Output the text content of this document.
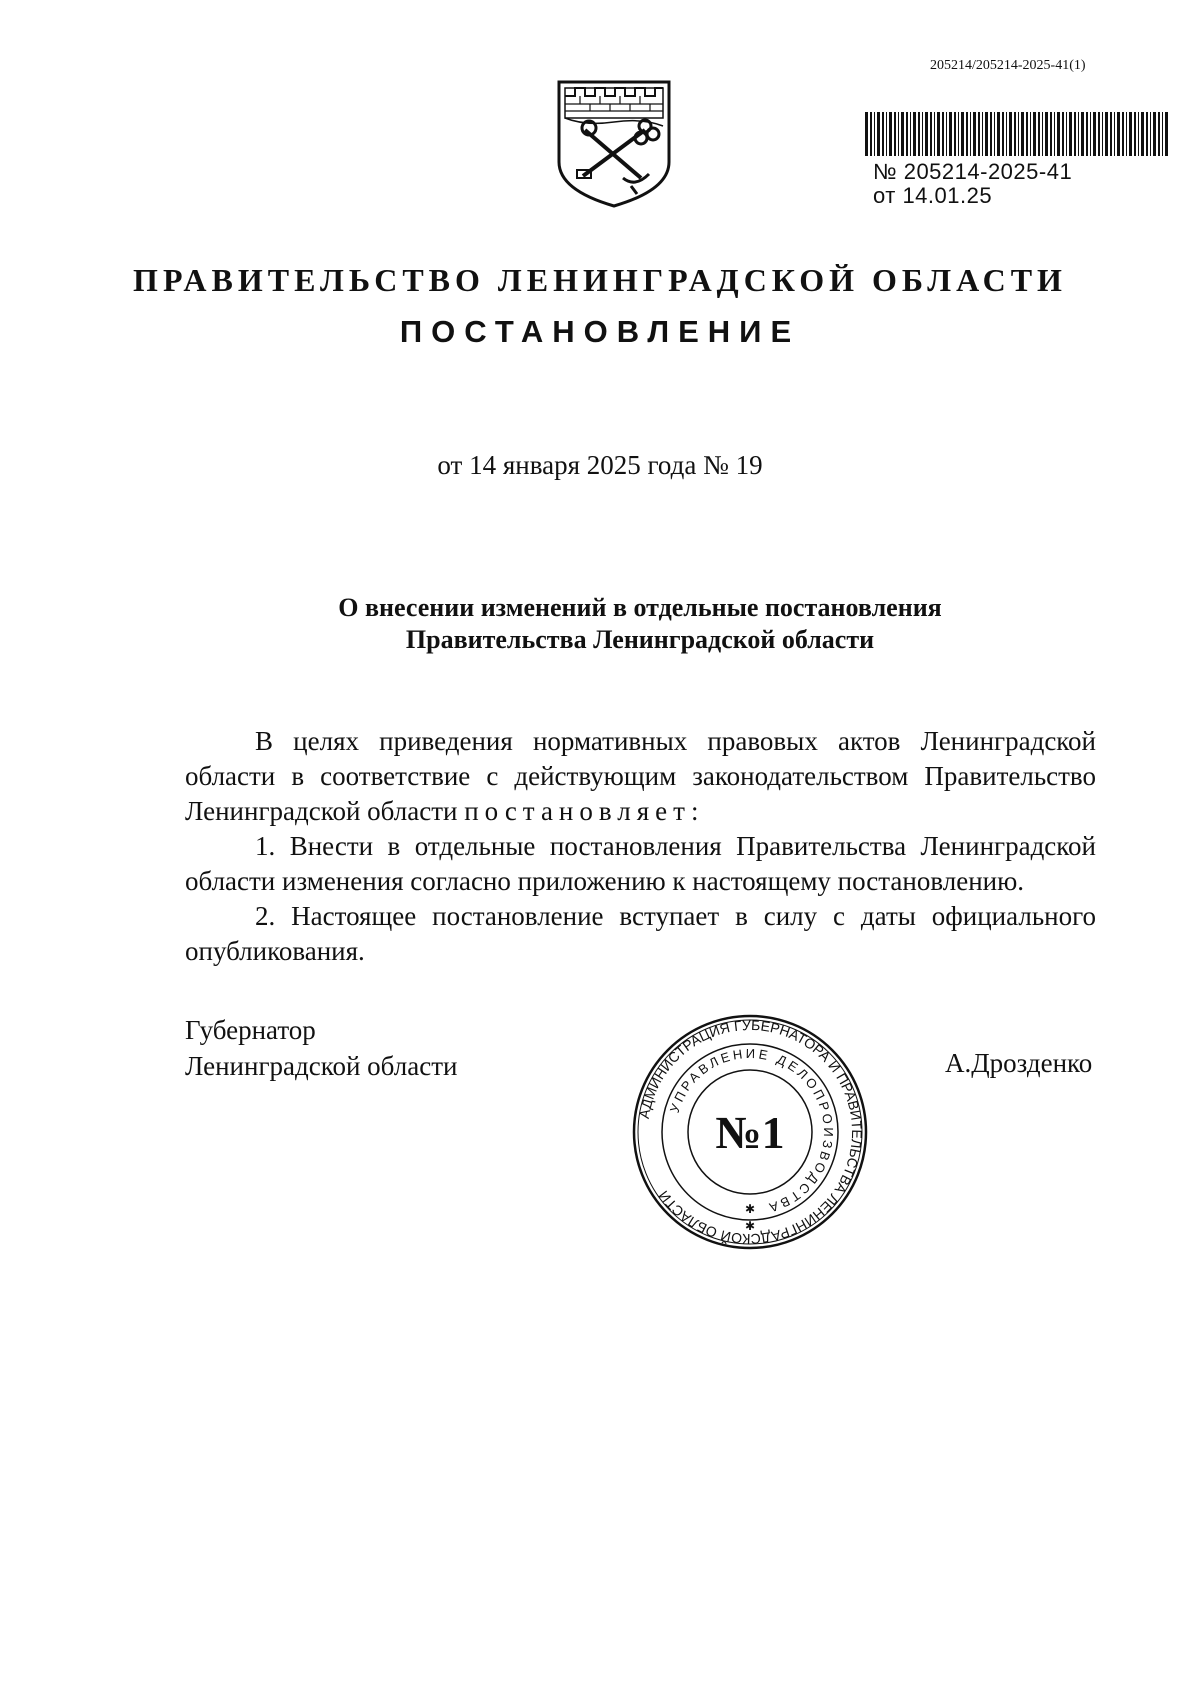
205214/205214-2025-41(1)
№ 205214-2025-41
от 14.01.25
ПРАВИТЕЛЬСТВО ЛЕНИНГРАДСКОЙ ОБЛАСТИ
ПОСТАНОВЛЕНИЕ
от 14 января 2025 года № 19
О внесении изменений в отдельные постановления
Правительства Ленинградской области

В целях приведения нормативных правовых актов Ленинградской области в соответствие с действующим законодательством Правительство Ленинградской области постановляет:

1. Внести в отдельные постановления Правительства Ленинградской области изменения согласно приложению к настоящему постановлению.

2. Настоящее постановление вступает в силу с даты официального опубликования.

Губернатор
Ленинградской области
АДМИНИСТРАЦИЯ ГУБЕРНАТОРА И ПРАВИТЕЛЬСТВА ЛЕНИНГРАДСКОЙ ОБЛАСТИ
УПРАВЛЕНИЕ ДЕЛОПРОИЗВОДСТВА
№1
✱
✱
А.Дрозденко
